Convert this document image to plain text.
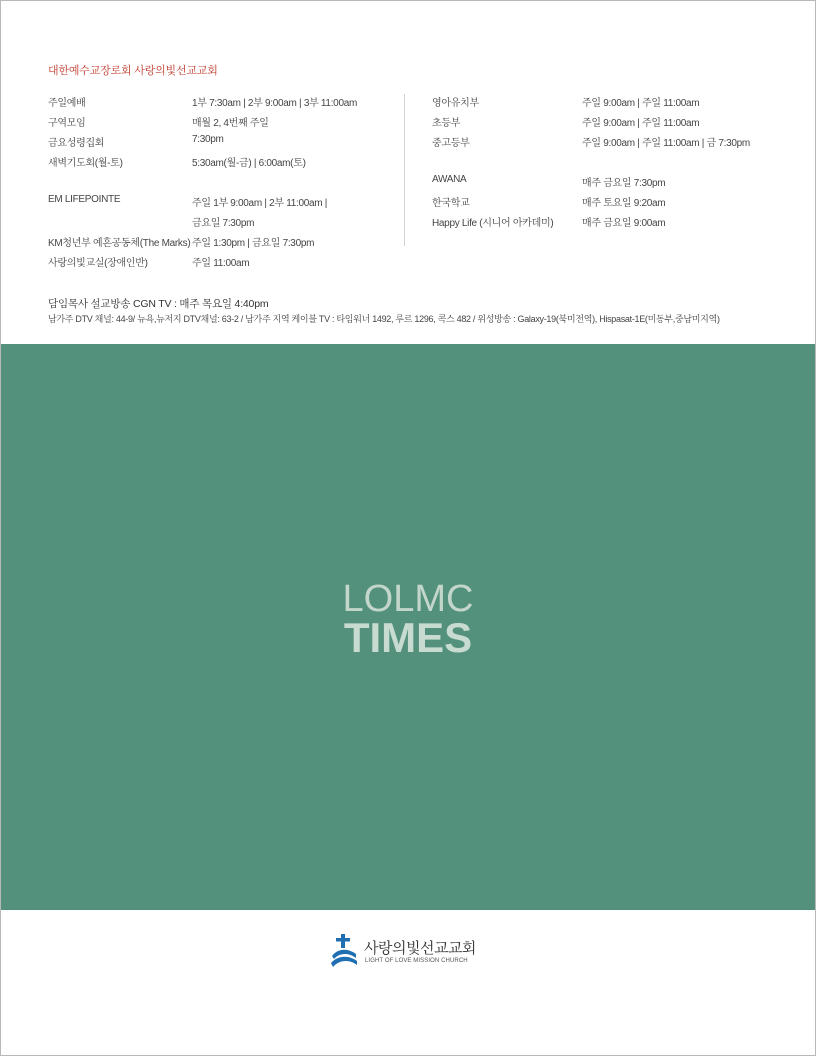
대한예수교장로회 사랑의빛선교교회
주일예배	1부 7:30am | 2부 9:00am | 3부 11:00am
구역모임	매월 2, 4번째 주일
금요성령집회	7:30pm
새벽기도회(월-토)	5:30am(월-금) | 6:00am(토)
EM LIFEPOINTE	주일 1부 9:00am | 2부 11:00am |
금요일 7:30pm
KM청년부 예흔공동체(The Marks) 주일 1:30pm | 금요일 7:30pm
사랑의빛교실(장애인반)	주일 11:00am
영아유치부	주일 9:00am | 주일 11:00am
초등부	주일 9:00am | 주일 11:00am
중고등부	주일 9:00am | 주일 11:00am | 금 7:30pm
AWANA	매주 금요일 7:30pm
한국학교	매주 토요일 9:20am
Happy Life (시니어 아카데미)	매주 금요일 9:00am
담임목사 설교방송 CGN TV : 매주 목요일 4:40pm
남가주 DTV 채널: 44-9/ 뉴욕,뉴저지 DTV채널: 63-2 / 남가주 지역 케이블 TV : 타임워너 1492, 루르 1296, 콕스 482 / 위성방송 : Galaxy-19(북미전역), Hispasat-1E(미동부,중남미지역)
LOLMC
TIMES
사랑의빛선교교회
LIGHT OF LOVE MISSION CHURCH
